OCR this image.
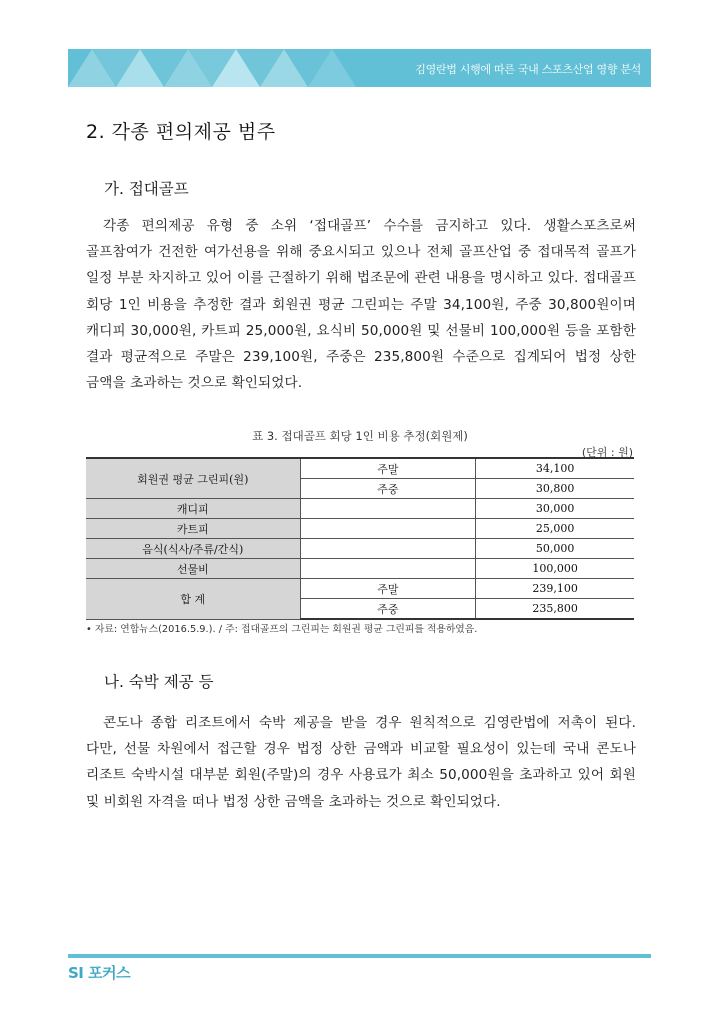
김영란법 시행에 따른 국내 스포츠산업 영향 분석
2. 각종 편의제공 범주
가. 접대골프

각종 편의제공 유형 중 소위 ‘접대골프’ 수수를 금지하고 있다. 생활스포츠로써 골프참여가 건전한 여가선용을 위해 중요시되고 있으나 전체 골프산업 중 접대목적 골프가 일정 부분 차지하고 있어 이를 근절하기 위해 법조문에 관련 내용을 명시하고 있다. 접대골프 회당 1인 비용을 추정한 결과 회원권 평균 그린피는 주말 34,100원, 주중 30,800원이며 캐디피 30,000원, 카트피 25,000원, 요식비 50,000원 및 선물비 100,000원 등을 포함한 결과 평균적으로 주말은 239,100원, 주중은 235,800원 수준으로 집계되어 법정 상한 금액을 초과하는 것으로 확인되었다.

표 3. 접대골프 회당 1인 비용 추정(회원제)
(단위 : 원)
회원권 평균 그린피(원)	주말	34,100
	주중	30,800
캐디피		30,000
카트피		25,000
음식(식사/주류/간식)		50,000
선물비		100,000
합 계	주말	239,100
	주중	235,800
• 자료: 연합뉴스(2016.5.9.). / 주: 접대골프의 그린피는 회원권 평균 그린피를 적용하였음.
나. 숙박 제공 등

콘도나 종합 리조트에서 숙박 제공을 받을 경우 원칙적으로 김영란법에 저촉이 된다. 다만, 선물 차원에서 접근할 경우 법정 상한 금액과 비교할 필요성이 있는데 국내 콘도나 리조트 숙박시설 대부분 회원(주말)의 경우 사용료가 최소 50,000원을 초과하고 있어 회원 및 비회원 자격을 떠나 법정 상한 금액을 초과하는 것으로 확인되었다.

SI 포커스
